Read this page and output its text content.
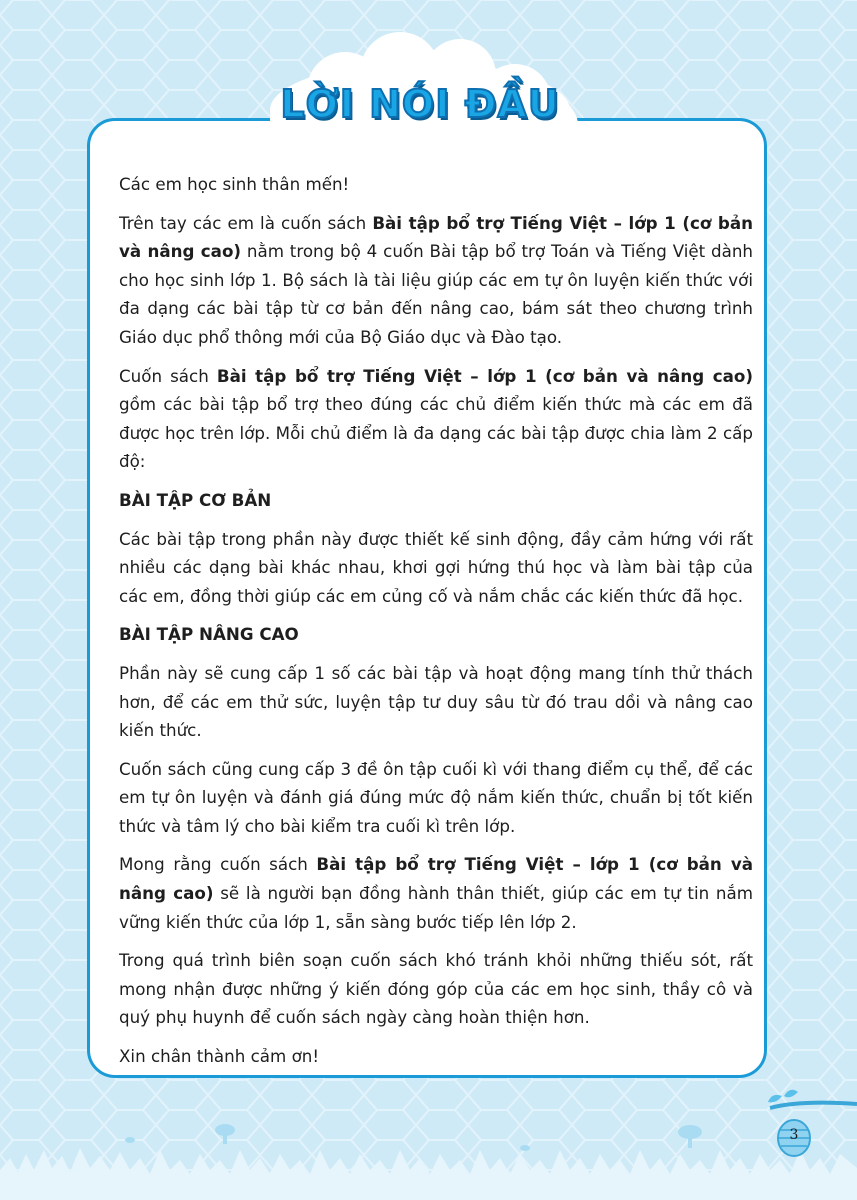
LỜI NÓI ĐẦU

Các em học sinh thân mến!

Trên tay các em là cuốn sách Bài tập bổ trợ Tiếng Việt – lớp 1 (cơ bản và nâng cao) nằm trong bộ 4 cuốn Bài tập bổ trợ Toán và Tiếng Việt dành cho học sinh lớp 1. Bộ sách là tài liệu giúp các em tự ôn luyện kiến thức với đa dạng các bài tập từ cơ bản đến nâng cao, bám sát theo chương trình Giáo dục phổ thông mới của Bộ Giáo dục và Đào tạo.

Cuốn sách Bài tập bổ trợ Tiếng Việt – lớp 1 (cơ bản và nâng cao) gồm các bài tập bổ trợ theo đúng các chủ điểm kiến thức mà các em đã được học trên lớp. Mỗi chủ điểm là đa dạng các bài tập được chia làm 2 cấp độ:

BÀI TẬP CƠ BẢN

Các bài tập trong phần này được thiết kế sinh động, đầy cảm hứng với rất nhiều các dạng bài khác nhau, khơi gợi hứng thú học và làm bài tập của các em, đồng thời giúp các em củng cố và nắm chắc các kiến thức đã học.

BÀI TẬP NÂNG CAO

Phần này sẽ cung cấp 1 số các bài tập và hoạt động mang tính thử thách hơn, để các em thử sức, luyện tập tư duy sâu từ đó trau dồi và nâng cao kiến thức.

Cuốn sách cũng cung cấp 3 đề ôn tập cuối kì với thang điểm cụ thể, để các em tự ôn luyện và đánh giá đúng mức độ nắm kiến thức, chuẩn bị tốt kiến thức và tâm lý cho bài kiểm tra cuối kì trên lớp.

Mong rằng cuốn sách Bài tập bổ trợ Tiếng Việt – lớp 1 (cơ bản và nâng cao) sẽ là người bạn đồng hành thân thiết, giúp các em tự tin nắm vững kiến thức của lớp 1, sẵn sàng bước tiếp lên lớp 2.

Trong quá trình biên soạn cuốn sách khó tránh khỏi những thiếu sót, rất mong nhận được những ý kiến đóng góp của các em học sinh, thầy cô và quý phụ huynh để cuốn sách ngày càng hoàn thiện hơn.

Xin chân thành cảm ơn!

3
